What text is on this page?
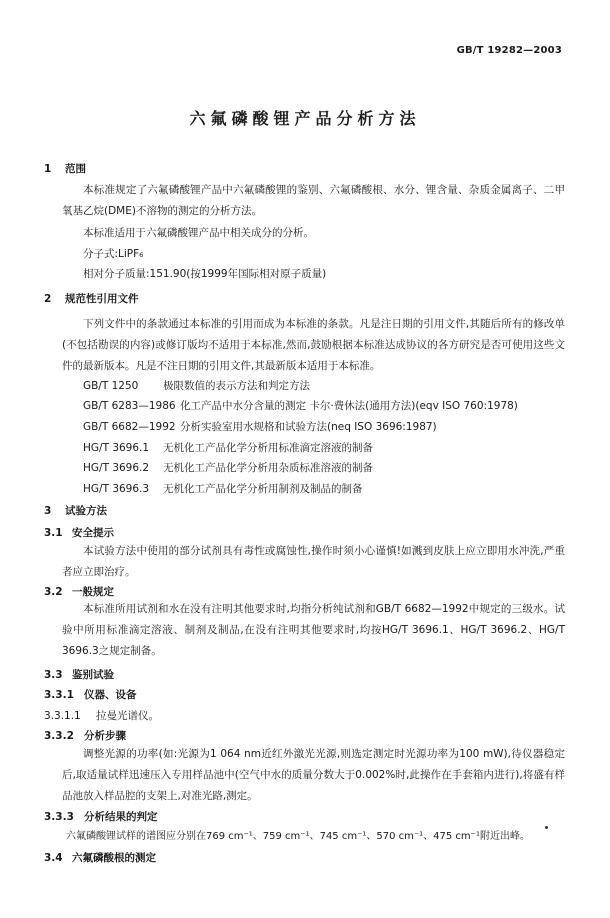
GB/T 19282—2003
六氟磷酸锂产品分析方法
1 范围
本标准规定了六氟磷酸锂产品中六氟磷酸锂的鉴别、六氟磷酸根、水分、锂含量、杂质金属离子、二甲氧基乙烷(DME)不溶物的测定的分析方法。
本标准适用于六氟磷酸锂产品中相关成分的分析。
分子式:LiPF₆
相对分子质量:151.90(按1999年国际相对原子质量)
2 规范性引用文件
下列文件中的条款通过本标准的引用而成为本标准的条款。凡是注日期的引用文件,其随后所有的修改单(不包括勘误的内容)或修订版均不适用于本标准,然而,鼓励根据本标准达成协议的各方研究是否可使用这些文件的最新版本。凡是不注日期的引用文件,其最新版本适用于本标准。
GB/T 1250 极限数值的表示方法和判定方法
GB/T 6283—1986 化工产品中水分含量的测定 卡尔·费休法(通用方法)(eqv ISO 760:1978)
GB/T 6682—1992 分析实验室用水规格和试验方法(neq ISO 3696:1987)
HG/T 3696.1 无机化工产品化学分析用标准滴定溶液的制备
HG/T 3696.2 无机化工产品化学分析用杂质标准溶液的制备
HG/T 3696.3 无机化工产品化学分析用制剂及制品的制备
3 试验方法
3.1 安全提示
本试验方法中使用的部分试剂具有毒性或腐蚀性,操作时须小心谨慎!如溅到皮肤上应立即用水冲洗,严重者应立即治疗。
3.2 一般规定
本标准所用试剂和水在没有注明其他要求时,均指分析纯试剂和GB/T 6682—1992中规定的三级水。试验中所用标准滴定溶液、制剂及制品,在没有注明其他要求时,均按HG/T 3696.1、HG/T 3696.2、HG/T 3696.3之规定制备。
3.3 鉴别试验
3.3.1 仪器、设备
3.3.1.1 拉曼光谱仪。
3.3.2 分析步骤
调整光源的功率(如:光源为1 064 nm近红外激光光源,则选定测定时光源功率为100 mW),待仪器稳定后,取适量试样迅速压入专用样品池中(空气中水的质量分数大于0.002%时,此操作在手套箱内进行),将盛有样品池放入样品腔的支架上,对准光路,测定。
3.3.3 分析结果的判定
六氟磷酸锂试样的谱图应分别在769 cm⁻¹、759 cm⁻¹、745 cm⁻¹、570 cm⁻¹、475 cm⁻¹附近出峰。
3.4 六氟磷酸根的测定
